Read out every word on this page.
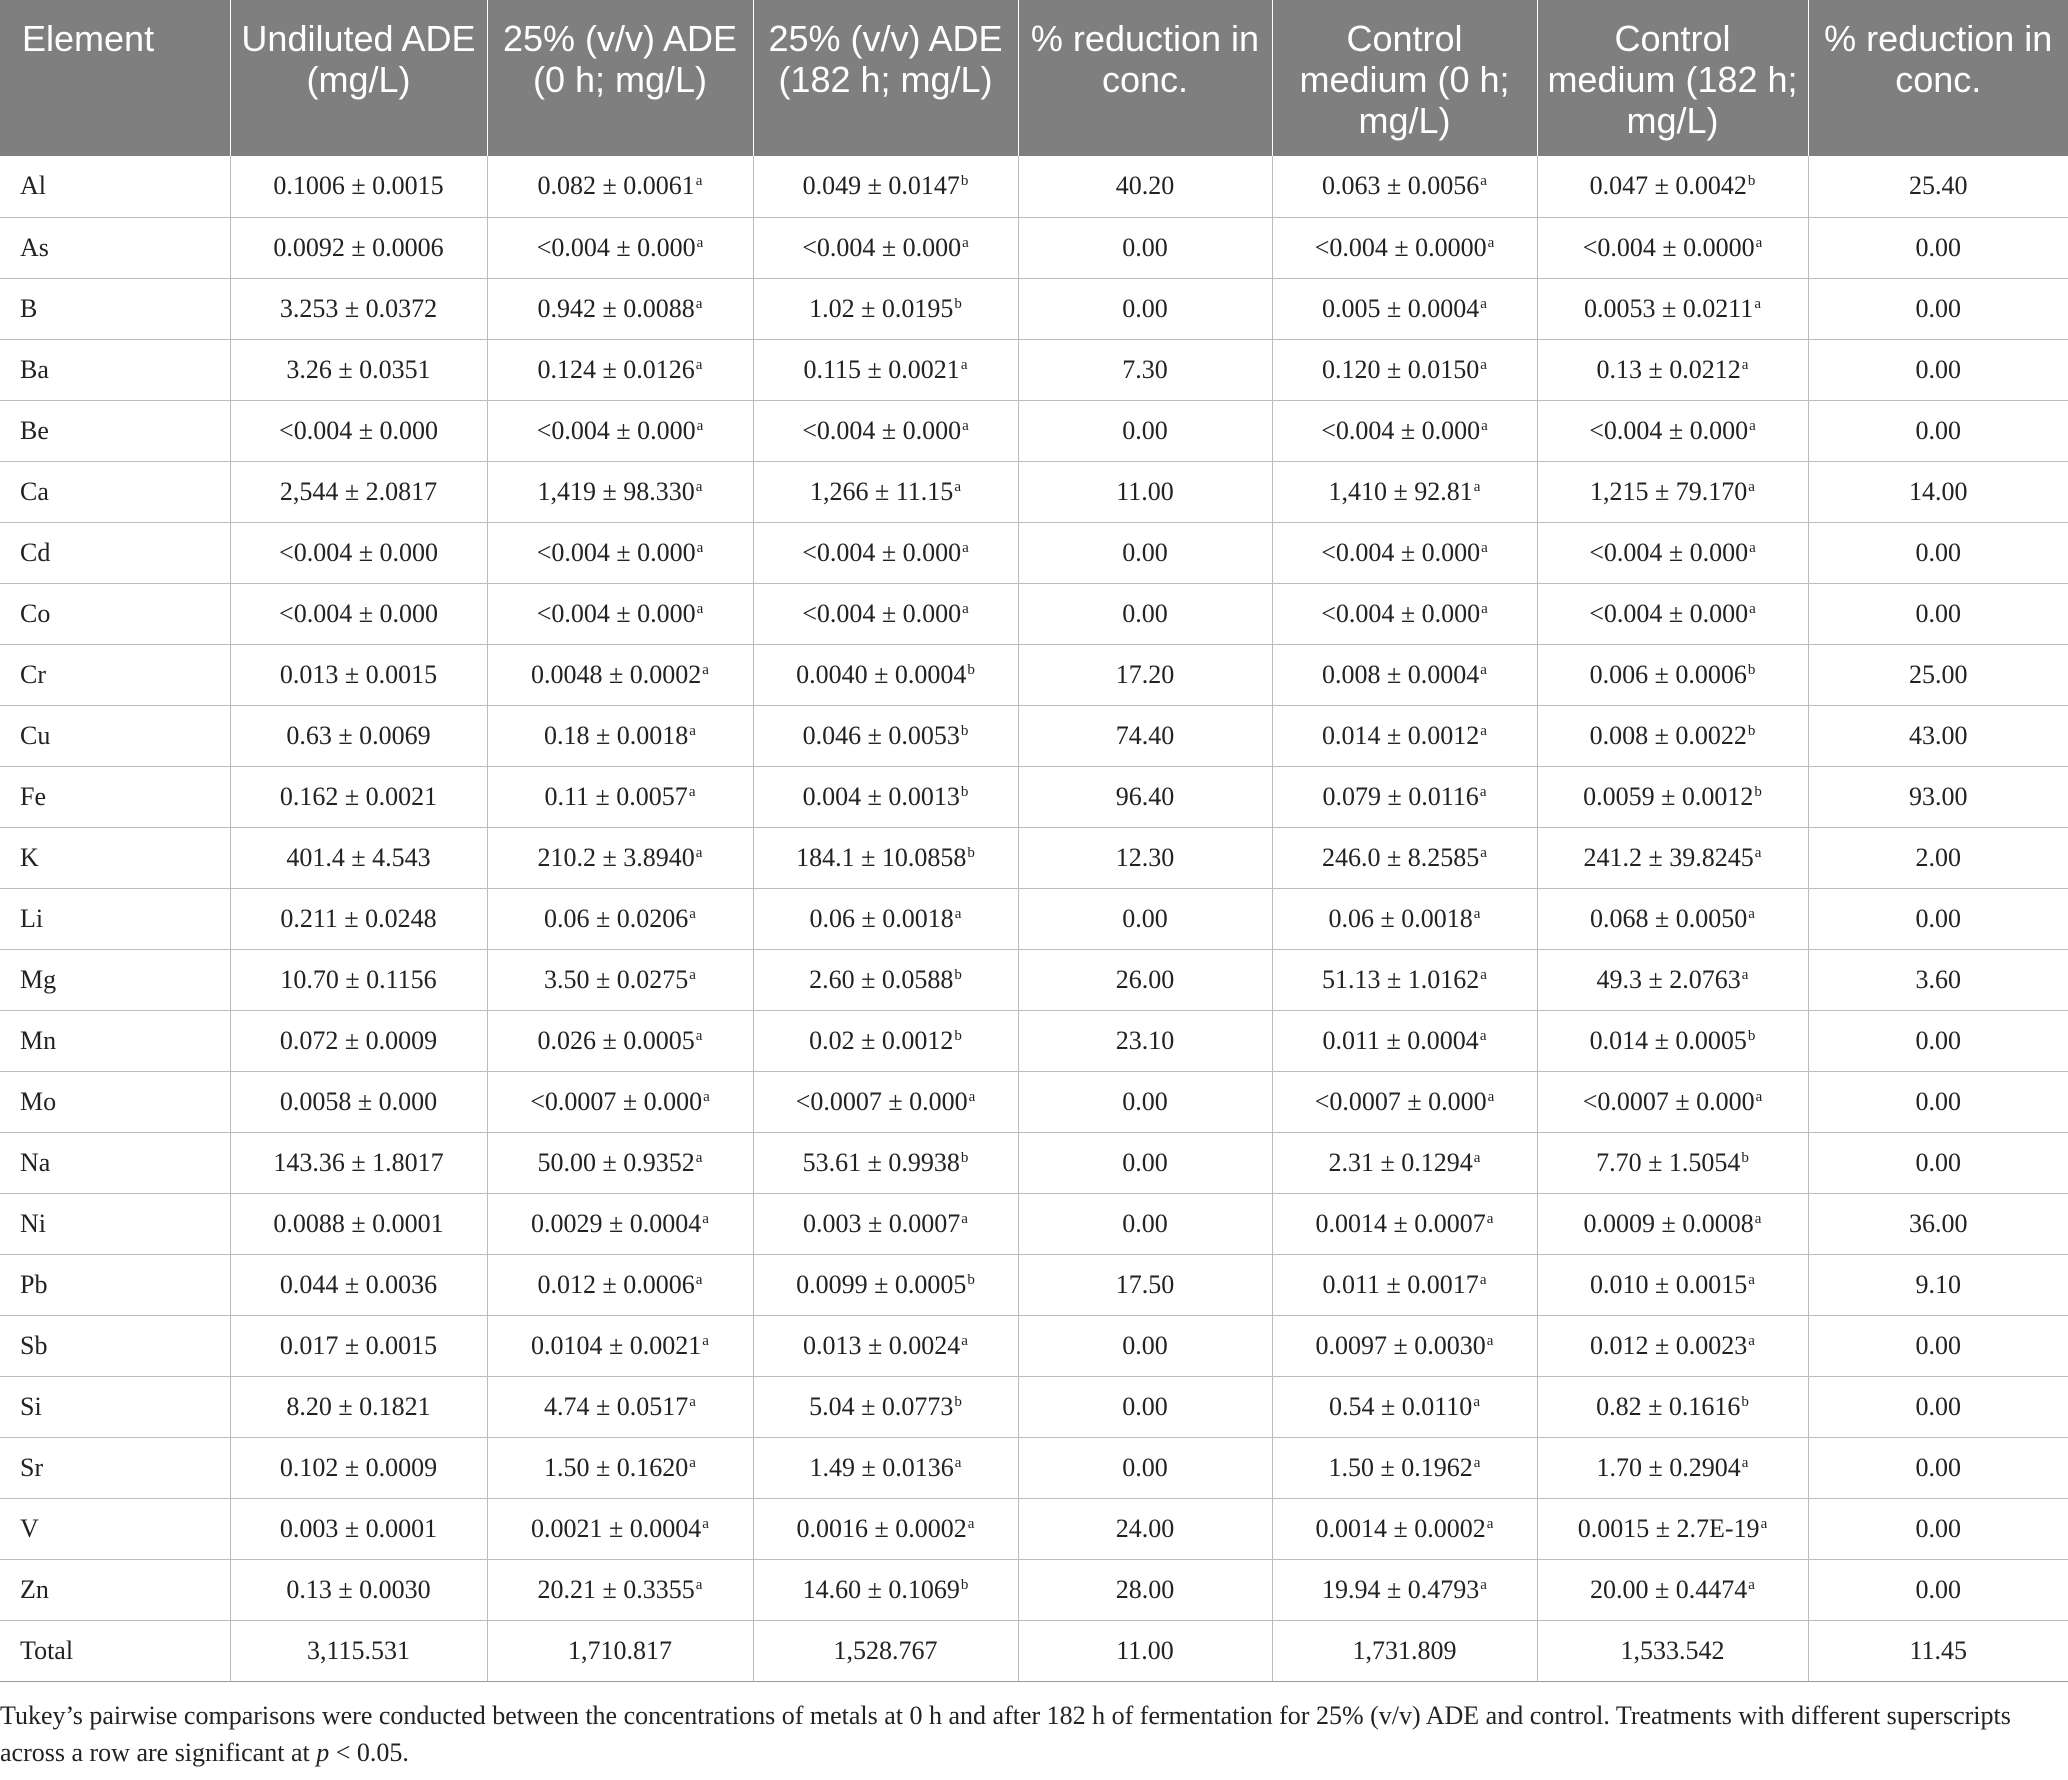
Element	Undiluted ADE (mg/L)	25% (v/v) ADE (0 h; mg/L)	25% (v/v) ADE (182 h; mg/L)	% reduction in conc.	Control medium (0 h; mg/L)	Control medium (182 h; mg/L)	% reduction in conc.
Al	0.1006 ± 0.0015	0.082 ± 0.0061$^a$	0.049 ± 0.0147$^b$	40.20	0.063 ± 0.0056$^a$	0.047 ± 0.0042$^b$	25.40
As	0.0092 ± 0.0006	<0.004 ± 0.000$^a$	<0.004 ± 0.000$^a$	0.00	<0.004 ± 0.0000$^a$	<0.004 ± 0.0000$^a$	0.00
B	3.253 ± 0.0372	0.942 ± 0.0088$^a$	1.02 ± 0.0195$^b$	0.00	0.005 ± 0.0004$^a$	0.0053 ± 0.0211$^a$	0.00
Ba	3.26 ± 0.0351	0.124 ± 0.0126$^a$	0.115 ± 0.0021$^a$	7.30	0.120 ± 0.0150$^a$	0.13 ± 0.0212$^a$	0.00
Be	<0.004 ± 0.000	<0.004 ± 0.000$^a$	<0.004 ± 0.000$^a$	0.00	<0.004 ± 0.000$^a$	<0.004 ± 0.000$^a$	0.00
Ca	2,544 ± 2.0817	1,419 ± 98.330$^a$	1,266 ± 11.15$^a$	11.00	1,410 ± 92.81$^a$	1,215 ± 79.170$^a$	14.00
Cd	<0.004 ± 0.000	<0.004 ± 0.000$^a$	<0.004 ± 0.000$^a$	0.00	<0.004 ± 0.000$^a$	<0.004 ± 0.000$^a$	0.00
Co	<0.004 ± 0.000	<0.004 ± 0.000$^a$	<0.004 ± 0.000$^a$	0.00	<0.004 ± 0.000$^a$	<0.004 ± 0.000$^a$	0.00
Cr	0.013 ± 0.0015	0.0048 ± 0.0002$^a$	0.0040 ± 0.0004$^b$	17.20	0.008 ± 0.0004$^a$	0.006 ± 0.0006$^b$	25.00
Cu	0.63 ± 0.0069	0.18 ± 0.0018$^a$	0.046 ± 0.0053$^b$	74.40	0.014 ± 0.0012$^a$	0.008 ± 0.0022$^b$	43.00
Fe	0.162 ± 0.0021	0.11 ± 0.0057$^a$	0.004 ± 0.0013$^b$	96.40	0.079 ± 0.0116$^a$	0.0059 ± 0.0012$^b$	93.00
K	401.4 ± 4.543	210.2 ± 3.8940$^a$	184.1 ± 10.0858$^b$	12.30	246.0 ± 8.2585$^a$	241.2 ± 39.8245$^a$	2.00
Li	0.211 ± 0.0248	0.06 ± 0.0206$^a$	0.06 ± 0.0018$^a$	0.00	0.06 ± 0.0018$^a$	0.068 ± 0.0050$^a$	0.00
Mg	10.70 ± 0.1156	3.50 ± 0.0275$^a$	2.60 ± 0.0588$^b$	26.00	51.13 ± 1.0162$^a$	49.3 ± 2.0763$^a$	3.60
Mn	0.072 ± 0.0009	0.026 ± 0.0005$^a$	0.02 ± 0.0012$^b$	23.10	0.011 ± 0.0004$^a$	0.014 ± 0.0005$^b$	0.00
Mo	0.0058 ± 0.000	<0.0007 ± 0.000$^a$	<0.0007 ± 0.000$^a$	0.00	<0.0007 ± 0.000$^a$	<0.0007 ± 0.000$^a$	0.00
Na	143.36 ± 1.8017	50.00 ± 0.9352$^a$	53.61 ± 0.9938$^b$	0.00	2.31 ± 0.1294$^a$	7.70 ± 1.5054$^b$	0.00
Ni	0.0088 ± 0.0001	0.0029 ± 0.0004$^a$	0.003 ± 0.0007$^a$	0.00	0.0014 ± 0.0007$^a$	0.0009 ± 0.0008$^a$	36.00
Pb	0.044 ± 0.0036	0.012 ± 0.0006$^a$	0.0099 ± 0.0005$^b$	17.50	0.011 ± 0.0017$^a$	0.010 ± 0.0015$^a$	9.10
Sb	0.017 ± 0.0015	0.0104 ± 0.0021$^a$	0.013 ± 0.0024$^a$	0.00	0.0097 ± 0.0030$^a$	0.012 ± 0.0023$^a$	0.00
Si	8.20 ± 0.1821	4.74 ± 0.0517$^a$	5.04 ± 0.0773$^b$	0.00	0.54 ± 0.0110$^a$	0.82 ± 0.1616$^b$	0.00
Sr	0.102 ± 0.0009	1.50 ± 0.1620$^a$	1.49 ± 0.0136$^a$	0.00	1.50 ± 0.1962$^a$	1.70 ± 0.2904$^a$	0.00
V	0.003 ± 0.0001	0.0021 ± 0.0004$^a$	0.0016 ± 0.0002$^a$	24.00	0.0014 ± 0.0002$^a$	$0.0015 \pm 2.7E-19^a$	0.00
Zn	0.13 ± 0.0030	20.21 ± 0.3355$^a$	14.60 ± 0.1069$^b$	28.00	19.94 ± 0.4793$^a$	20.00 ± 0.4474$^a$	0.00
Total	3,115.531	1,710.817	1,528.767	11.00	1,731.809	1,533.542	11.45
Tukey’s pairwise comparisons were conducted between the concentrations of metals at 0 h and after 182 h of fermentation for 25% (v/v) ADE and control. Treatments with different superscripts across a row are significant at p < 0.05.
